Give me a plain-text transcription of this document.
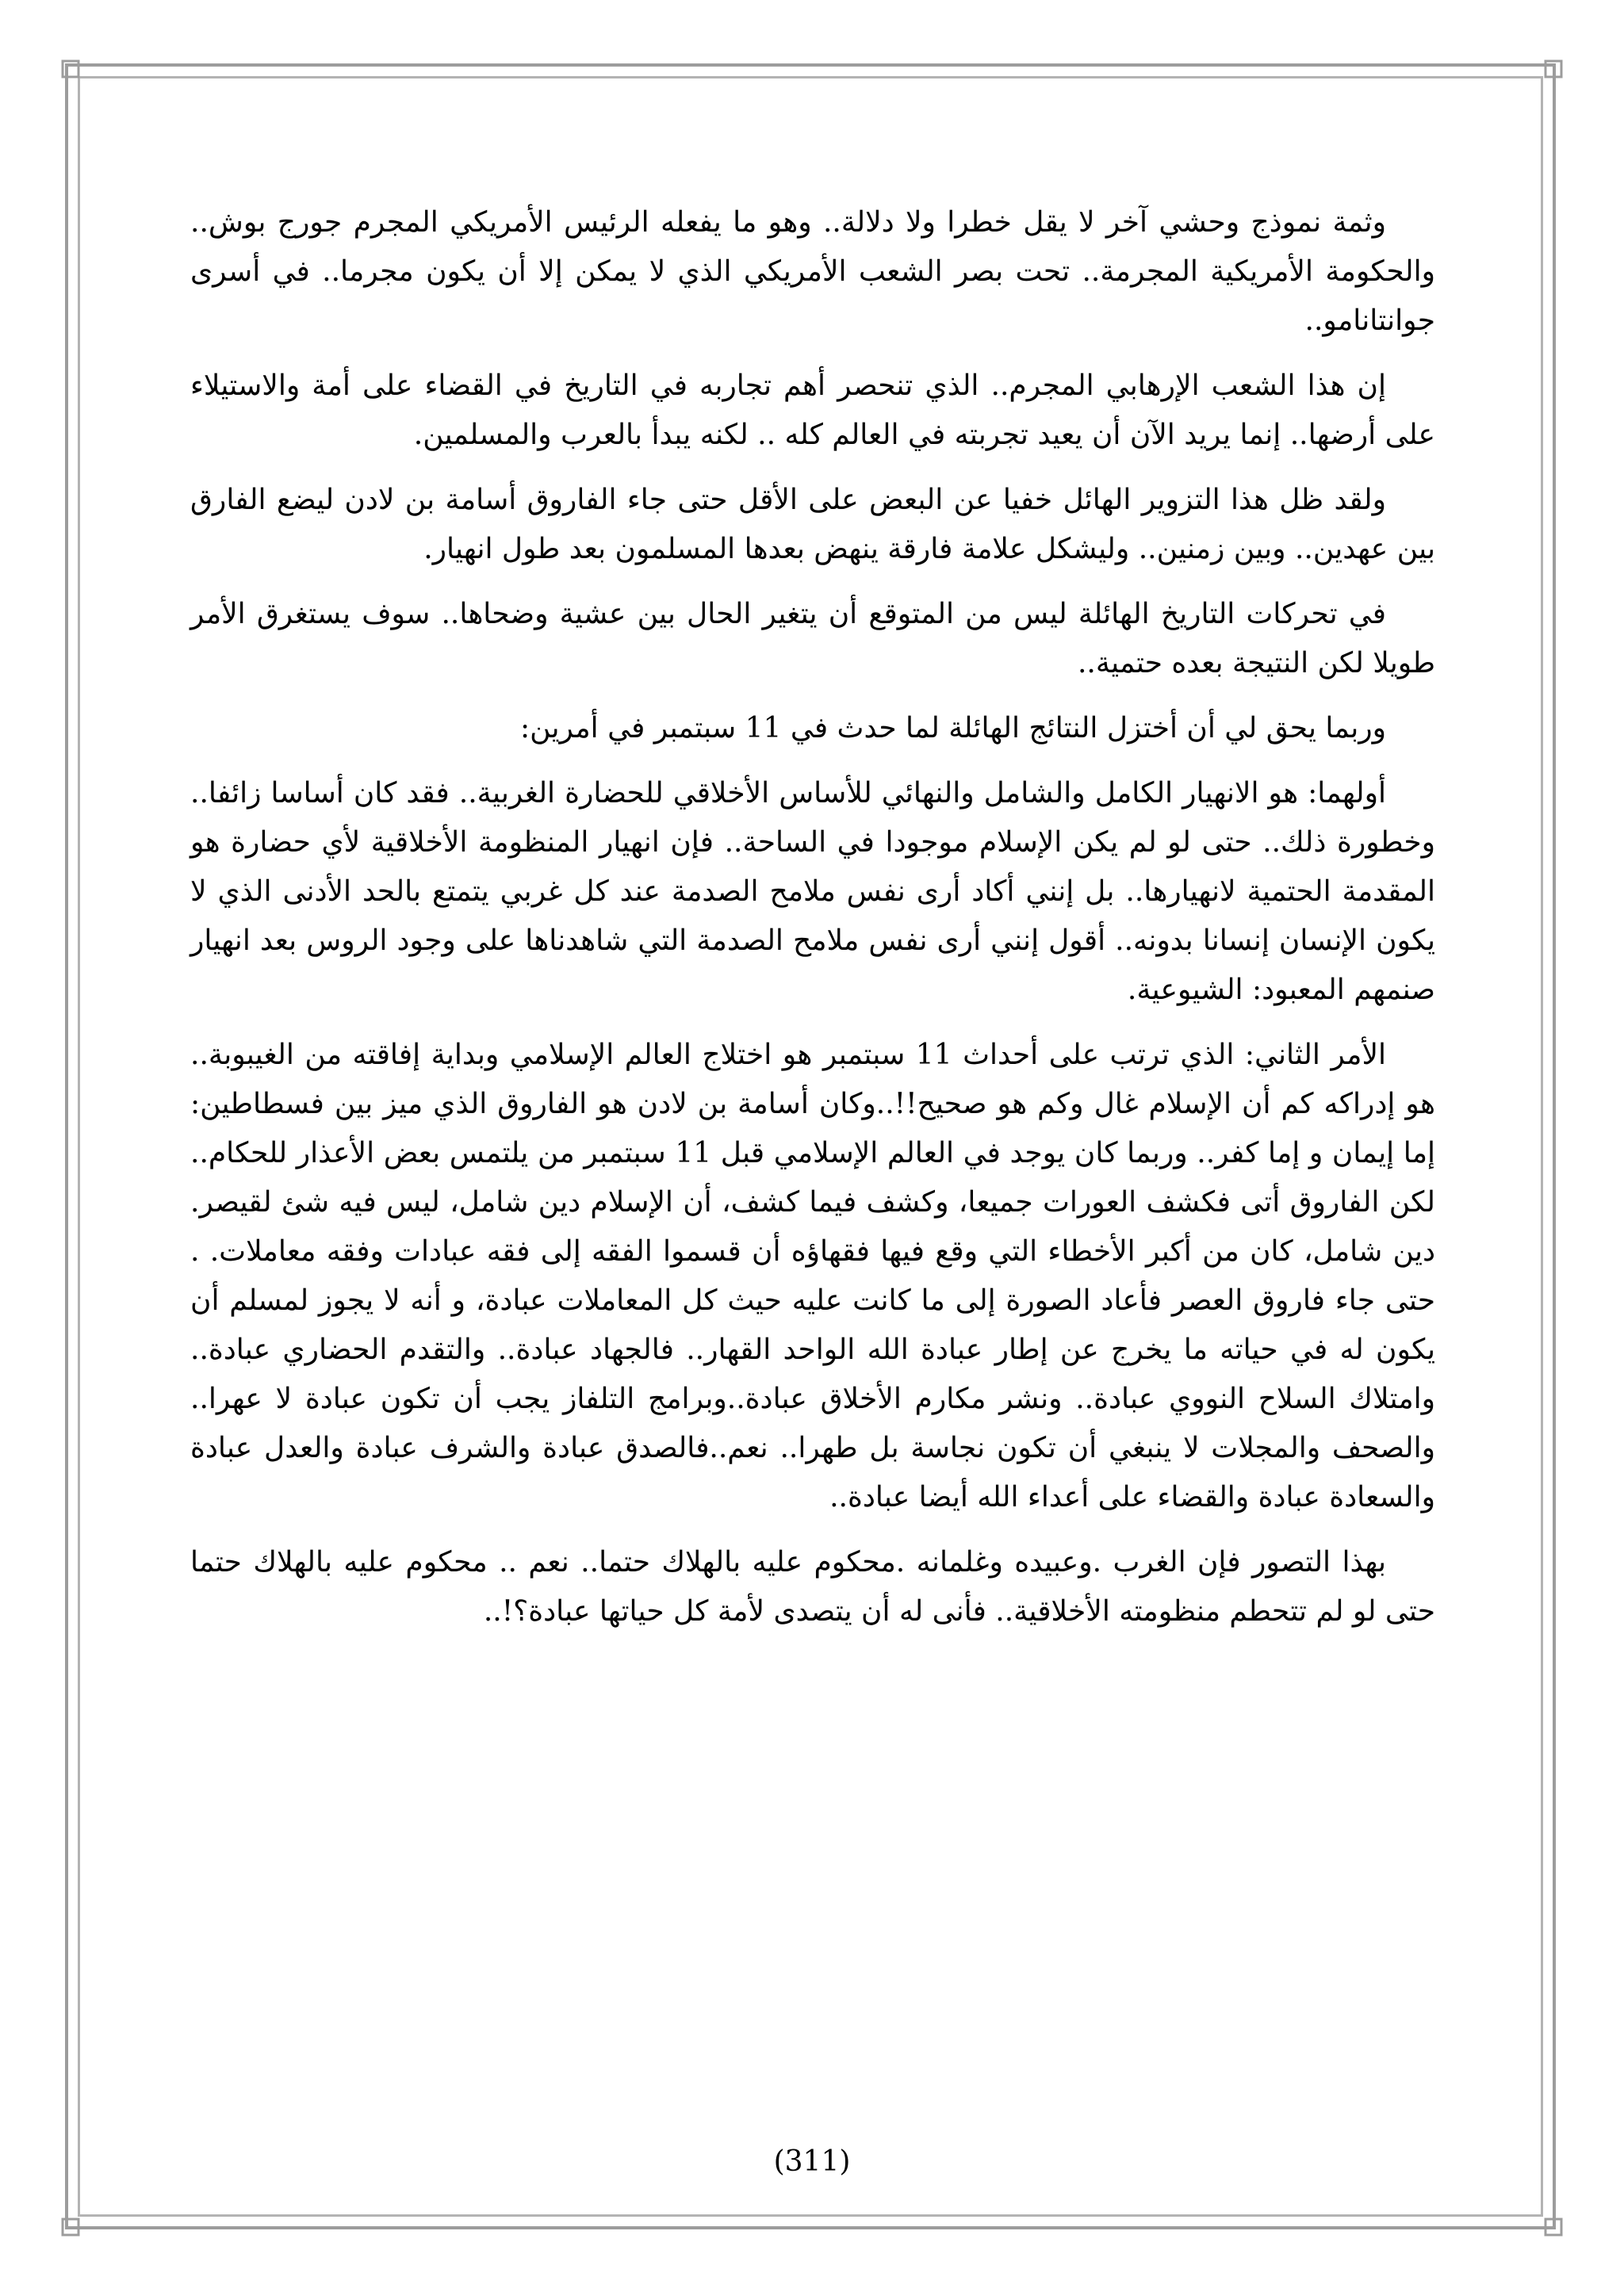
وثمة نموذج وحشي آخر لا يقل خطرا ولا دلالة.. وهو ما يفعله الرئيس الأمريكي المجرم جورج بوش.. والحكومة الأمريكية المجرمة.. تحت بصر الشعب الأمريكي الذي لا يمكن إلا أن يكون مجرما.. في أسرى جوانتانامو..

إن هذا الشعب الإرهابي المجرم.. الذي تنحصر أهم تجاربه في التاريخ في القضاء على أمة والاستيلاء على أرضها.. إنما يريد الآن أن يعيد تجربته في العالم كله .. لكنه يبدأ بالعرب والمسلمين.

ولقد ظل هذا التزوير الهائل خفيا عن البعض على الأقل حتى جاء الفاروق أسامة بن لادن ليضع الفارق بين عهدين.. وبين زمنين.. وليشكل علامة فارقة ينهض بعدها المسلمون بعد طول انهيار.

في تحركات التاريخ الهائلة ليس من المتوقع أن يتغير الحال بين عشية وضحاها.. سوف يستغرق الأمر طويلا لكن النتيجة بعده حتمية..

وربما يحق لي أن أختزل النتائج الهائلة لما حدث في 11 سبتمبر في أمرين:

أولهما: هو الانهيار الكامل والشامل والنهائي للأساس الأخلاقي للحضارة الغربية.. فقد كان أساسا زائفا.. وخطورة ذلك.. حتى لو لم يكن الإسلام موجودا في الساحة.. فإن انهيار المنظومة الأخلاقية لأي حضارة هو المقدمة الحتمية لانهيارها.. بل إنني أكاد أرى نفس ملامح الصدمة عند كل غربي يتمتع بالحد الأدنى الذي لا يكون الإنسان إنسانا بدونه.. أقول إنني أرى نفس ملامح الصدمة التي شاهدناها على وجود الروس بعد انهيار صنمهم المعبود: الشيوعية.

الأمر الثاني: الذي ترتب على أحداث 11 سبتمبر هو اختلاج العالم الإسلامي وبداية إفاقته من الغيبوبة.. هو إدراكه كم أن الإسلام غال وكم هو صحيح!!..وكان أسامة بن لادن هو الفاروق الذي ميز بين فسطاطين: إما إيمان و إما كفر.. وربما كان يوجد في العالم الإسلامي قبل 11 سبتمبر من يلتمس بعض الأعذار للحكام.. لكن الفاروق أتى فكشف العورات جميعا، وكشف فيما كشف، أن الإسلام دين شامل، ليس فيه شئ لقيصر. دين شامل، كان من أكبر الأخطاء التي وقع فيها فقهاؤه أن قسموا الفقه إلى فقه عبادات وفقه معاملات. . حتى جاء فاروق العصر فأعاد الصورة إلى ما كانت عليه حيث كل المعاملات عبادة، و أنه لا يجوز لمسلم أن يكون له في حياته ما يخرج عن إطار عبادة الله الواحد القهار.. فالجهاد عبادة.. والتقدم الحضاري عبادة.. وامتلاك السلاح النووي عبادة.. ونشر مكارم الأخلاق عبادة..وبرامج التلفاز يجب أن تكون عبادة لا عهرا.. والصحف والمجلات لا ينبغي أن تكون نجاسة بل طهرا.. نعم..فالصدق عبادة والشرف عبادة والعدل عبادة والسعادة عبادة والقضاء على أعداء الله أيضا عبادة..

بهذا التصور فإن الغرب .وعبيده وغلمانه .محكوم عليه بالهلاك حتما.. نعم .. محكوم عليه بالهلاك حتما حتى لو لم تتحطم منظومته الأخلاقية.. فأنى له أن يتصدى لأمة كل حياتها عبادة؟!..

(311)
